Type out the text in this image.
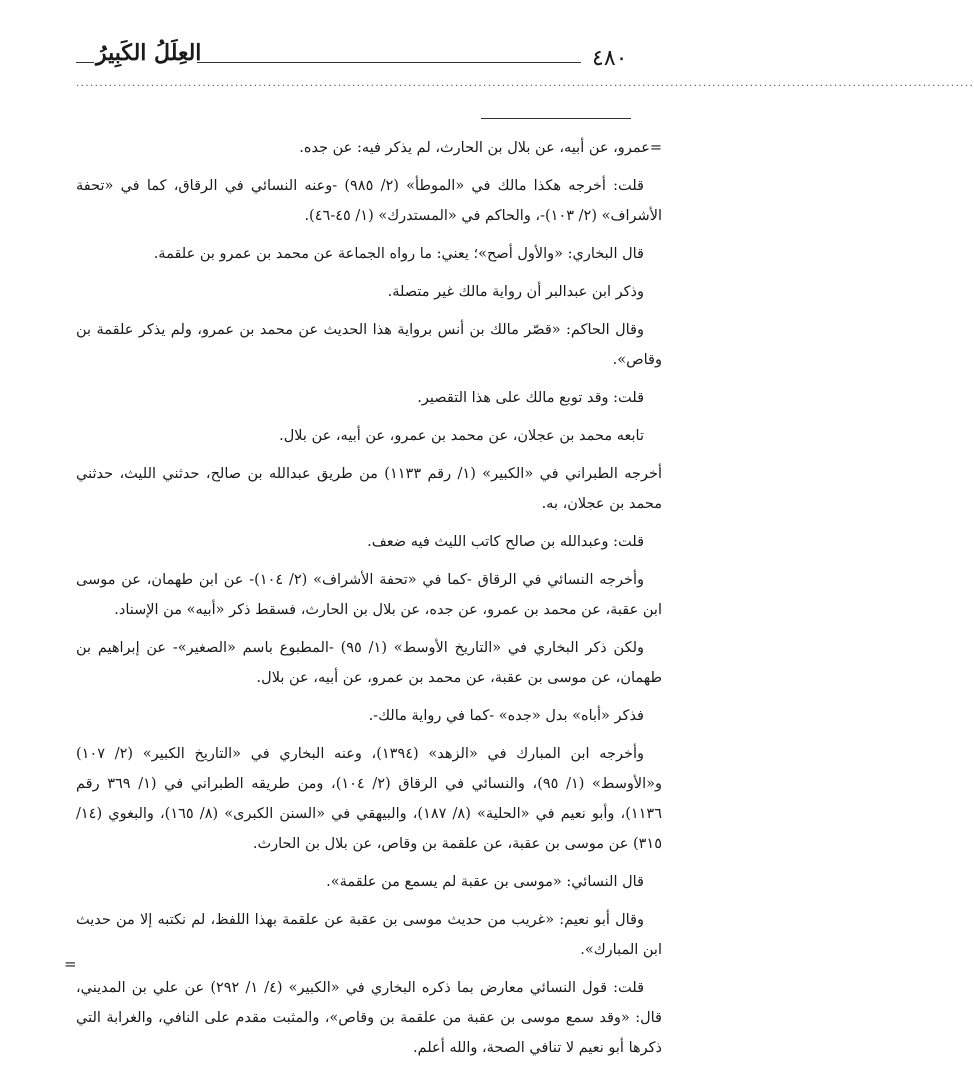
٤٨٠
العِلَلُ الكَبِيرُ
................................................................................................................................................................................................

=عمرو، عن أبيه، عن بلال بن الحارث، لم يذكر فيه: عن جده.

قلت: أخرجه هكذا مالك في «الموطأ» (٢/ ٩٨٥) -وعنه النسائي في الرقاق، كما في «تحفة الأشراف» (٢/ ١٠٣)-، والحاكم في «المستدرك» (١/ ٤٥-٤٦).

قال البخاري: «والأول أصح»؛ يعني: ما رواه الجماعة عن محمد بن عمرو بن علقمة.

وذكر ابن عبدالبر أن رواية مالك غير متصلة.

وقال الحاكم: «قصّر مالك بن أنس برواية هذا الحديث عن محمد بن عمرو، ولم يذكر علقمة بن وقاص».

قلت: وقد توبع مالك على هذا التقصير.

تابعه محمد بن عجلان، عن محمد بن عمرو، عن أبيه، عن بلال.

أخرجه الطبراني في «الكبير» (١/ رقم ١١٣٣) من طريق عبدالله بن صالح، حدثني الليث، حدثني محمد بن عجلان، به.

قلت: وعبدالله بن صالح كاتب الليث فيه ضعف.

وأخرجه النسائي في الرقاق -كما في «تحفة الأشراف» (٢/ ١٠٤)- عن ابن طهمان، عن موسى ابن عقبة، عن محمد بن عمرو، عن جده، عن بلال بن الحارث، فسقط ذكر «أبيه» من الإسناد.

ولكن ذكر البخاري في «التاريخ الأوسط» (١/ ٩٥) -المطبوع باسم «الصغير»- عن إبراهيم بن طهمان، عن موسى بن عقبة، عن محمد بن عمرو، عن أبيه، عن بلال.

فذكر «أباه» بدل «جده» -كما في رواية مالك-.

وأخرجه ابن المبارك في «الزهد» (١٣٩٤)، وعنه البخاري في «التاريخ الكبير» (٢/ ١٠٧) و«الأوسط» (١/ ٩٥)، والنسائي في الرقاق (٢/ ١٠٤)، ومن طريقه الطبراني في (١/ ٣٦٩ رقم ١١٣٦)، وأبو نعيم في «الحلية» (٨/ ١٨٧)، والبيهقي في «السنن الكبرى» (٨/ ١٦٥)، والبغوي (١٤/ ٣١٥) عن موسى بن عقبة، عن علقمة بن وقاص، عن بلال بن الحارث.

قال النسائي: «موسى بن عقبة لم يسمع من علقمة».

وقال أبو نعيم: «غريب من حديث موسى بن عقبة عن علقمة بهذا اللفظ، لم نكتبه إلا من حديث ابن المبارك».

قلت: قول النسائي معارض بما ذكره البخاري في «الكبير» (٤/ ١/ ٢٩٢) عن علي بن المديني، قال: «وقد سمع موسى بن عقبة من علقمة بن وقاص»، والمثبت مقدم على النافي، والغرابة التي ذكرها أبو نعيم لا تنافي الصحة، والله أعلم.

=
